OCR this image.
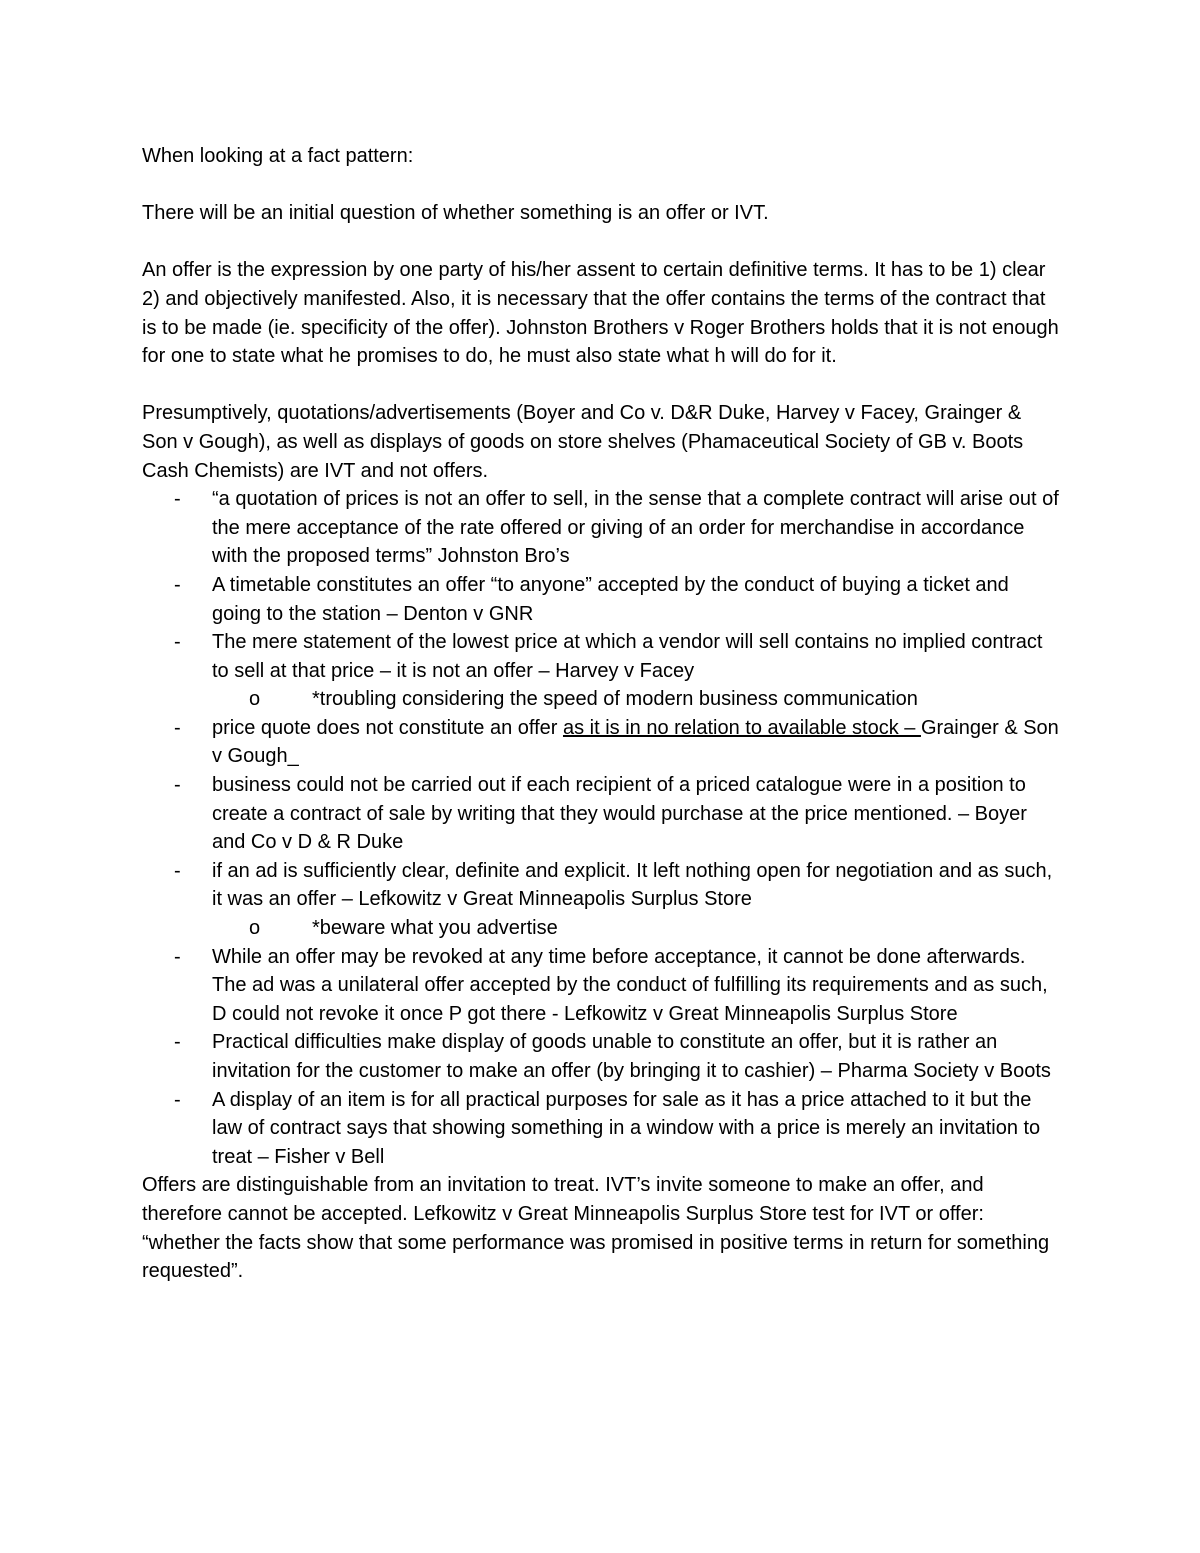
When looking at a fact pattern:

There will be an initial question of whether something is an offer or IVT.

An offer is the expression by one party of his/her assent to certain definitive terms. It has to be 1) clear 2) and objectively manifested. Also, it is necessary that the offer contains the terms of the contract that is to be made (ie. specificity of the offer). Johnston Brothers v Roger Brothers holds that it is not enough for one to state what he promises to do, he must also state what h will do for it.

Presumptively, quotations/advertisements (Boyer and Co v. D&R Duke, Harvey v Facey, Grainger & Son v Gough), as well as displays of goods on store shelves (Phamaceutical Society of GB v. Boots Cash Chemists) are IVT and not offers.

- “a quotation of prices is not an offer to sell, in the sense that a complete contract will arise out of the mere acceptance of the rate offered or giving of an order for merchandise in accordance with the proposed terms” Johnston Bro’s
- A timetable constitutes an offer “to anyone” accepted by the conduct of buying a ticket and going to the station – Denton v GNR
- The mere statement of the lowest price at which a vendor will sell contains no implied contract to sell at that price – it is not an offer – Harvey v Facey
o	*troubling considering the speed of modern business communication
- price quote does not constitute an offer as it is in no relation to available stock – Grainger & Son v Gough_
- business could not be carried out if each recipient of a priced catalogue were in a position to create a contract of sale by writing that they would purchase at the price mentioned. – Boyer and Co v D & R Duke
- if an ad is sufficiently clear, definite and explicit. It left nothing open for negotiation and as such, it was an offer – Lefkowitz v Great Minneapolis Surplus Store
o	*beware what you advertise
- While an offer may be revoked at any time before acceptance, it cannot be done afterwards. The ad was a unilateral offer accepted by the conduct of fulfilling its requirements and as such, D could not revoke it once P got there - Lefkowitz v Great Minneapolis Surplus Store
- Practical difficulties make display of goods unable to constitute an offer, but it is rather an invitation for the customer to make an offer (by bringing it to cashier) – Pharma Society v Boots
- A display of an item is for all practical purposes for sale as it has a price attached to it but the law of contract says that showing something in a window with a price is merely an invitation to treat – Fisher v Bell

Offers are distinguishable from an invitation to treat. IVT’s invite someone to make an offer, and therefore cannot be accepted. Lefkowitz v Great Minneapolis Surplus Store test for IVT or offer: “whether the facts show that some performance was promised in positive terms in return for something requested”.
